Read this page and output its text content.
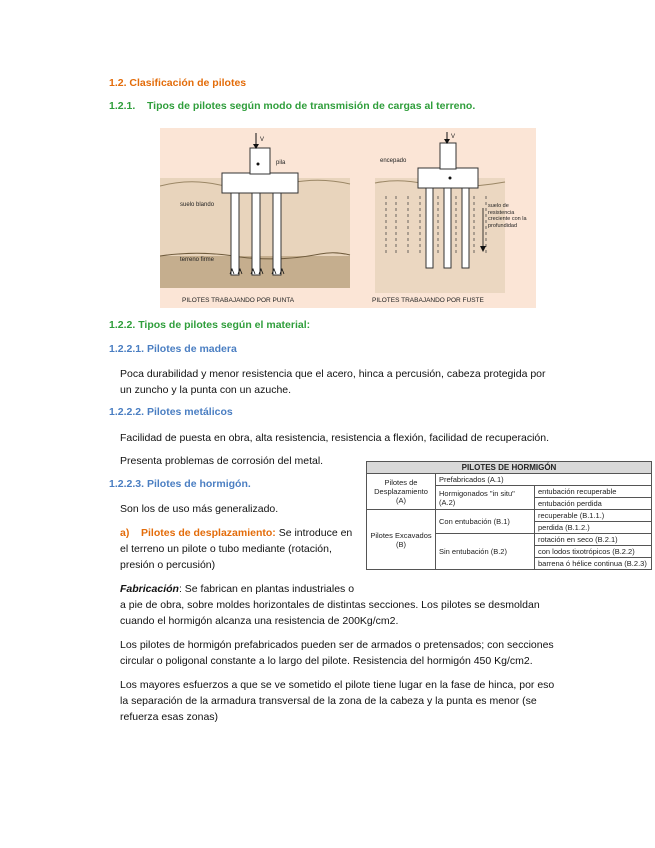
1.2. Clasificación de pilotes
1.2.1.    Tipos de pilotes según modo de transmisión de cargas al terreno.
V
pila
suelo blando
terreno firme
PILOTES TRABAJANDO POR PUNTA
V
encepado
suelo de resistencia creciente con la profundidad
PILOTES TRABAJANDO POR FUSTE
1.2.2. Tipos de pilotes según el material:
1.2.2.1. Pilotes de madera
Poca durabilidad y menor resistencia que el acero, hinca a percusión, cabeza protegida por
un zuncho y la punta con un azuche.
1.2.2.2. Pilotes metálicos
Facilidad de puesta en obra, alta resistencia, resistencia a flexión, facilidad de recuperación.
Presenta problemas de corrosión del metal.
1.2.2.3. Pilotes de hormigón.
Son los de uso más generalizado.
a)    Pilotes de desplazamiento: Se introduce en
el terreno un pilote o tubo mediante (rotación,
presión o percusión)
Fabricación: Se fabrican en plantas industriales o
a pie de obra, sobre moldes horizontales de distintas secciones. Los pilotes se desmoldan
cuando el hormigón alcanza una resistencia de 200Kg/cm2.
Los pilotes de hormigón prefabricados pueden ser de armados o pretensados; con secciones
circular o poligonal constante a lo largo del pilote. Resistencia del hormigón 450 Kg/cm2.
Los mayores esfuerzos a que se ve sometido el pilote tiene lugar en la fase de hinca, por eso
la separación de la armadura transversal de la zona de la cabeza y la punta es menor (se
refuerza esas zonas)
PILOTES DE HORMIGÓN		
Pilotes de Desplazamiento (A)	Prefabricados (A.1)	
	Hormigonados "in situ" (A.2)	entubación recuperable
		entubación perdida
Pilotes Excavados (B)	Con entubación (B.1)	recuperable (B.1.1.)
		perdida (B.1.2.)
	Sin entubación (B.2)	rotación en seco (B.2.1)
		con lodos tixotrópicos (B.2.2)
		barrena ó hélice continua (B.2.3)
